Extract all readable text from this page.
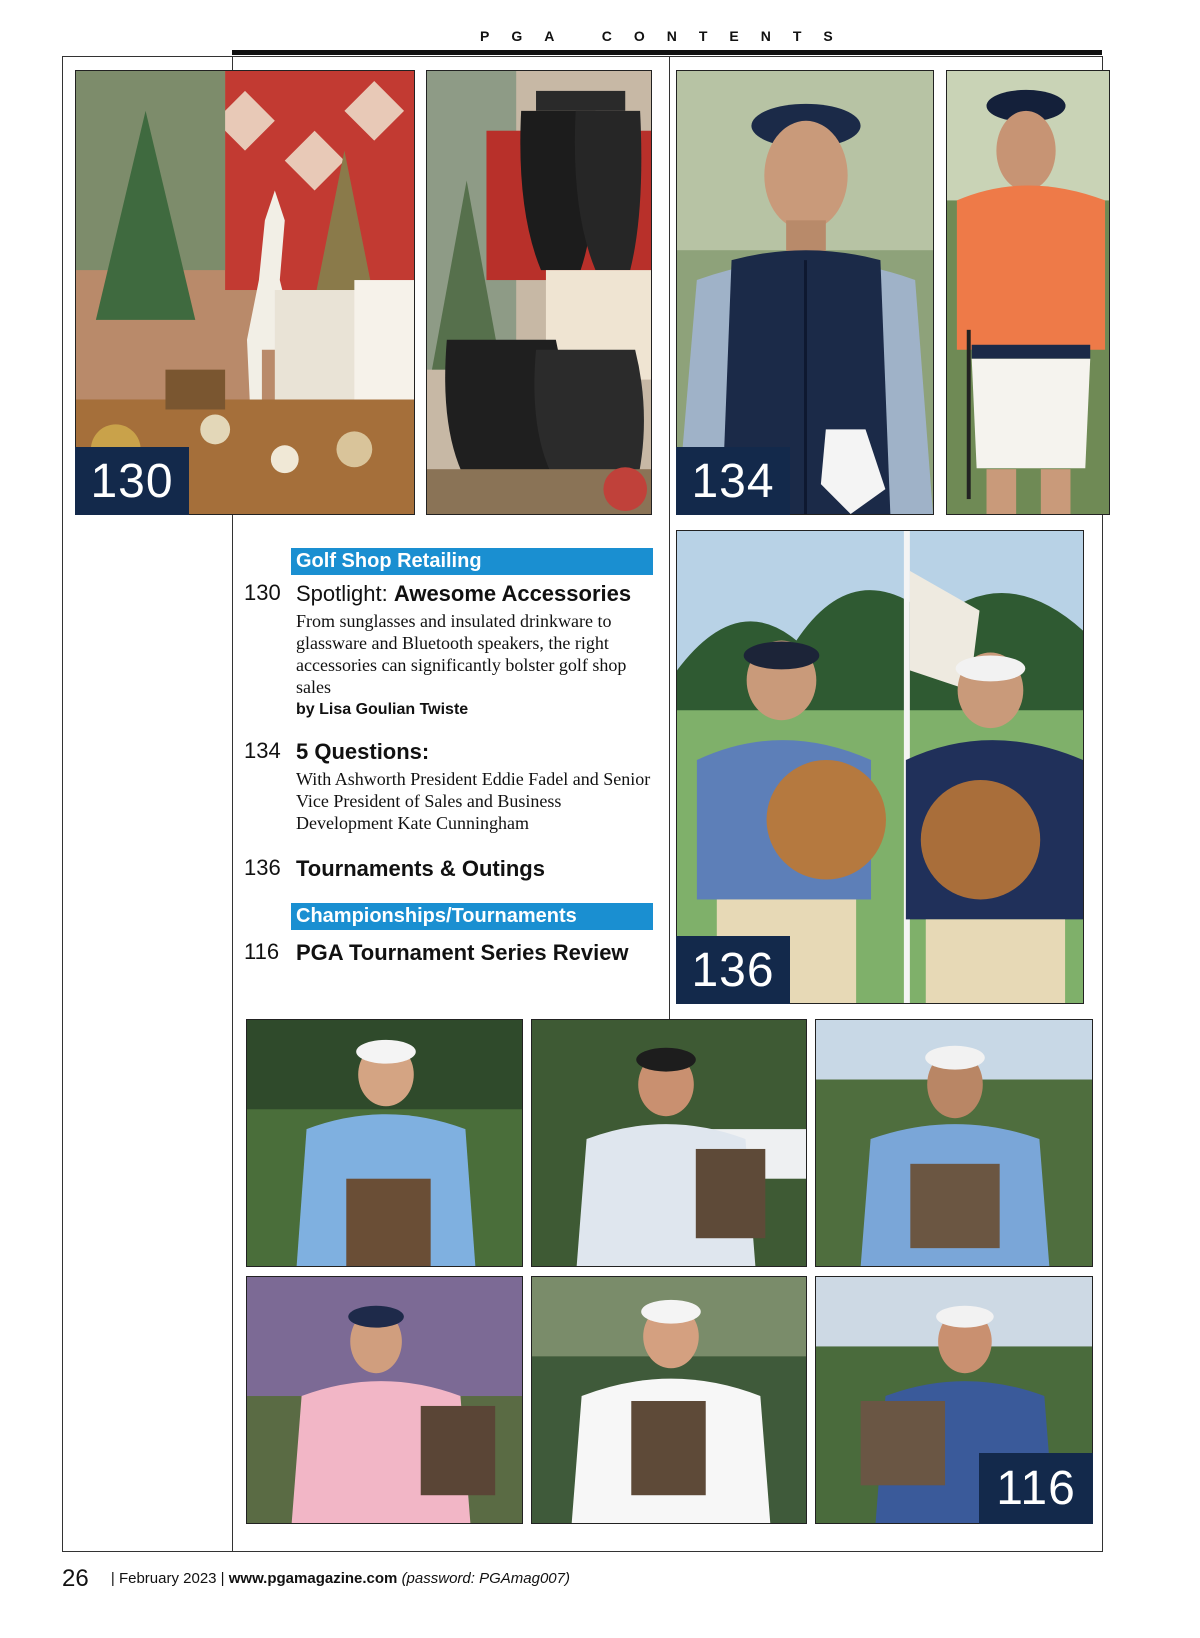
PGA CONTENTS
130	134
136
116
Golf Shop Retailing
130 Spotlight: Awesome Accessories
From sunglasses and insulated drinkware to glassware and Bluetooth speakers, the right accessories can significantly bolster golf shop sales
by Lisa Goulian Twiste
134 5 Questions:
With Ashworth President Eddie Fadel and Senior Vice President of Sales and Business Development Kate Cunningham
136 Tournaments & Outings
Championships/Tournaments
116 PGA Tournament Series Review
26 | February 2023 | www.pgamagazine.com (password: PGAmag007)
